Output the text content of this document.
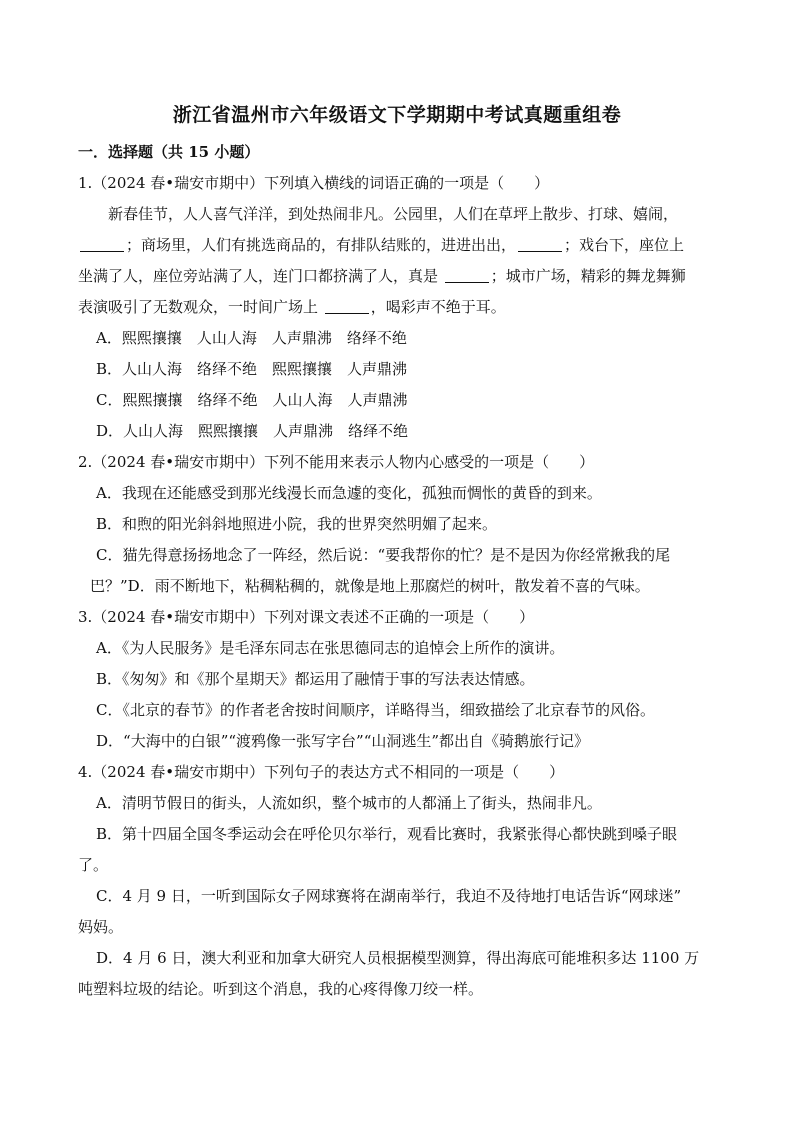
浙江省温州市六年级语文下学期期中考试真题重组卷
一．选择题（共 15 小题）
1.（2024 春•瑞安市期中）下列填入横线的词语正确的一项是（　　）
新春佳节，人人喜气洋洋，到处热闹非凡。公园里，人们在草坪上散步、打球、嬉闹，
；商场里，人们有挑选商品的，有排队结账的，进进出出，	；戏台下，座位上
坐满了人，座位旁站满了人，连门口都挤满了人，真是	；城市广场，精彩的舞龙舞狮
表演吸引了无数观众，一时间广场上	，喝彩声不绝于耳。
A．熙熙攘攘　人山人海　人声鼎沸　络绎不绝
B．人山人海　络绎不绝　熙熙攘攘　人声鼎沸
C．熙熙攘攘　络绎不绝　人山人海　人声鼎沸
D．人山人海　熙熙攘攘　人声鼎沸　络绎不绝
2.（2024 春•瑞安市期中）下列不能用来表示人物内心感受的一项是（　　）
A．我现在还能感受到那光线漫长而急遽的变化，孤独而惆怅的黄昏的到来。
B．和煦的阳光斜斜地照进小院，我的世界突然明媚了起来。
C．猫先得意扬扬地念了一阵经，然后说：“要我帮你的忙？是不是因为你经常揪我的尾
巴？”D．雨不断地下，粘稠粘稠的，就像是地上那腐烂的树叶，散发着不喜的气味。
3.（2024 春•瑞安市期中）下列对课文表述不正确的一项是（　　）
A．《为人民服务》是毛泽东同志在张思德同志的追悼会上所作的演讲。
B．《匆匆》和《那个星期天》都运用了融情于事的写法表达情感。
C．《北京的春节》的作者老舍按时间顺序，详略得当，细致描绘了北京春节的风俗。
D．“大海中的白银”“渡鸦像一张写字台”“山洞逃生”都出自《骑鹅旅行记》
4.（2024 春•瑞安市期中）下列句子的表达方式不相同的一项是（　　）
A．清明节假日的街头，人流如织，整个城市的人都涌上了街头，热闹非凡。
B．第十四届全国冬季运动会在呼伦贝尔举行，观看比赛时，我紧张得心都快跳到嗓子眼
了。
C．4 月 9 日，一听到国际女子网球赛将在湖南举行，我迫不及待地打电话告诉“网球迷”
妈妈。
D．4 月 6 日，澳大利亚和加拿大研究人员根据模型测算，得出海底可能堆积多达 1100 万
吨塑料垃圾的结论。听到这个消息，我的心疼得像刀绞一样。
